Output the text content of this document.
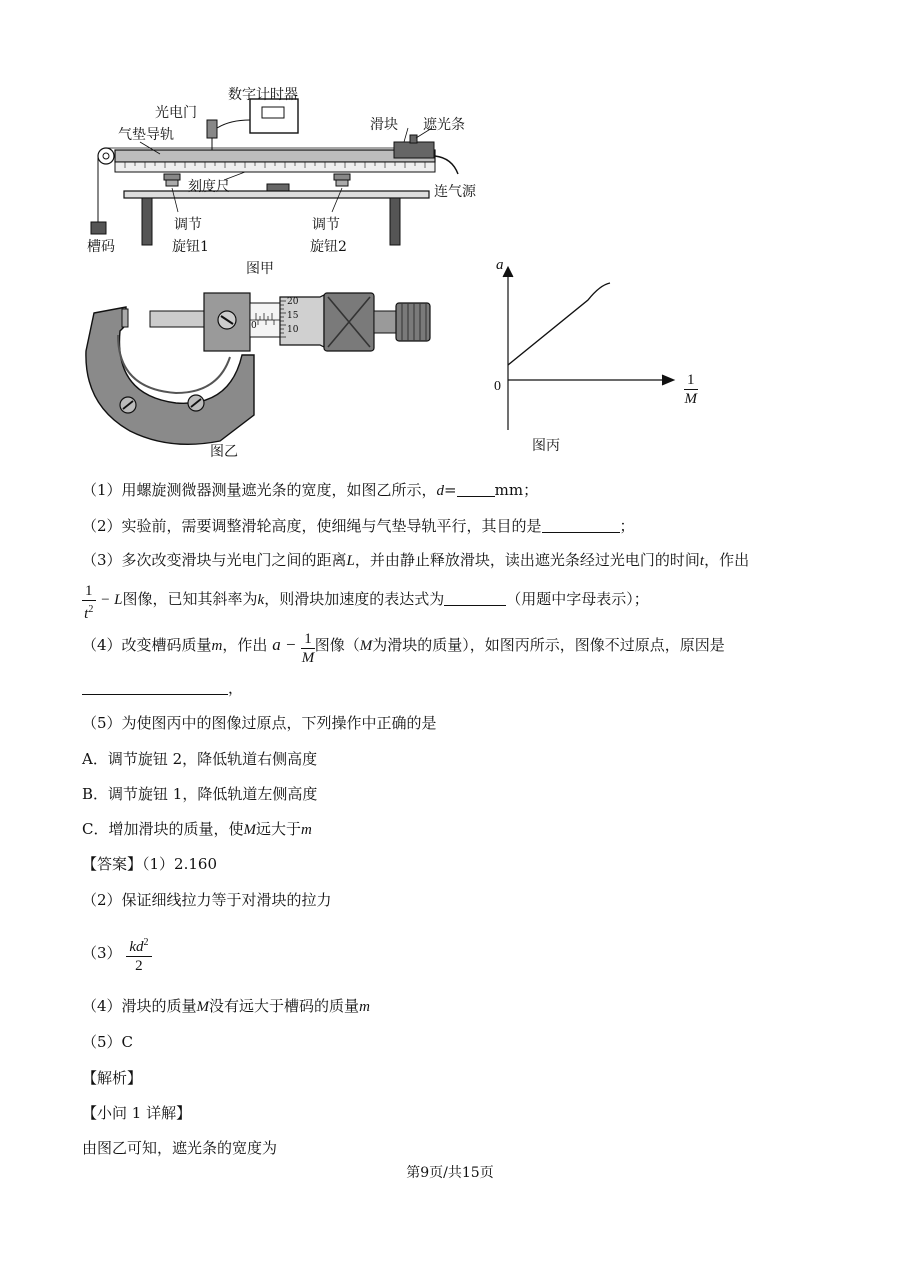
数字计时器
光电门
气垫导轨
滑块 遮光条
刻度尺	连气源
槽码
调节
旋钮1
调节
旋钮2
图甲
20
15
10
0
图乙
a
0	$\frac{1}{M}$
图丙
（1）用螺旋测微器测量遮光条的宽度，如图乙所示，d=	mm；
（2）实验前，需要调整滑轮高度，使细绳与气垫导轨平行，其目的是	；
（3）多次改变滑块与光电门之间的距离L，并由静止释放滑块，读出遮光条经过光电门的时间t，作出
$\frac{1}{t^2} - L$图像，已知其斜率为k，则滑块加速度的表达式为	（用题中字母表示）；
（4）改变槽码质量m，作出 $a - \frac{1}{M}$ 图像（M为滑块的质量），如图丙所示，图像不过原点，原因是
，
（5）为使图丙中的图像过原点，下列操作中正确的是
A．调节旋钮 2，降低轨道右侧高度
B．调节旋钮 1，降低轨道左侧高度
C．增加滑块的质量，使M远大于m
【答案】（1）2.160
（2）保证细线拉力等于对滑块的拉力
$(3) \frac{kd^2}{2}$
（4）滑块的质量M没有远大于槽码的质量m
（5）C
【解析】
【小问 1 详解】
由图乙可知，遮光条的宽度为
第9页/共15页
